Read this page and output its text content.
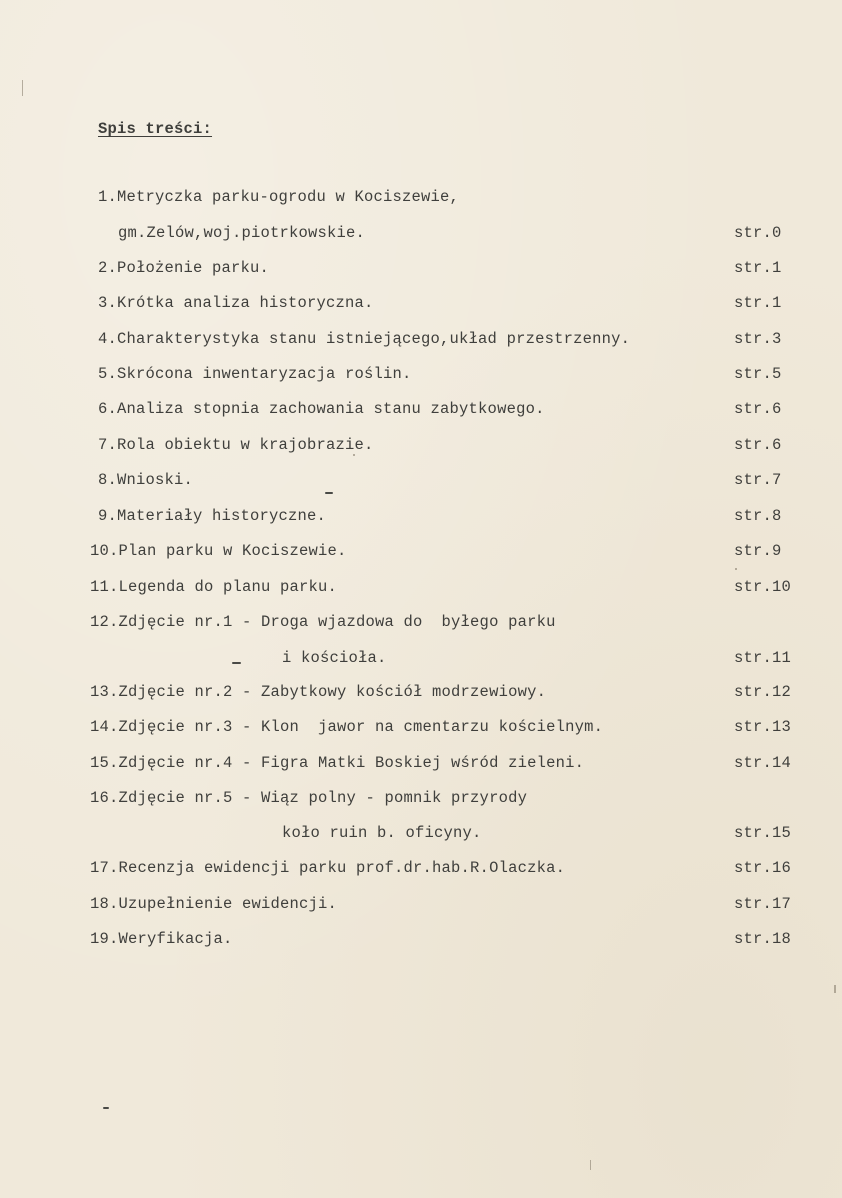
Spis treści:
1.Metryczka parku-ogrodu w Kociszewie,
gm.Zelów,woj.piotrkowskie.	str.0
2.Położenie parku.	str.1
3.Krótka analiza historyczna.	str.1
4.Charakterystyka stanu istniejącego,układ przestrzenny.	str.3
5.Skrócona inwentaryzacja roślin.	str.5
6.Analiza stopnia zachowania stanu zabytkowego.	str.6
7.Rola obiektu w krajobrazie.	str.6
8.Wnioski.	str.7
9.Materiały historyczne.	str.8
10.Plan parku w Kociszewie.	str.9
11.Legenda do planu parku.	str.10
12.Zdjęcie nr.1 - Droga wjazdowa do  byłego parku
i kościoła.	str.11
13.Zdjęcie nr.2 - Zabytkowy kościół modrzewiowy.	str.12
14.Zdjęcie nr.3 - Klon  jawor na cmentarzu kościelnym.	str.13
15.Zdjęcie nr.4 - Figra Matki Boskiej wśród zieleni.	str.14
16.Zdjęcie nr.5 - Wiąz polny - pomnik przyrody
koło ruin b. oficyny.	str.15
17.Recenzja ewidencji parku prof.dr.hab.R.Olaczka.	str.16
18.Uzupełnienie ewidencji.	str.17
19.Weryfikacja.	str.18
